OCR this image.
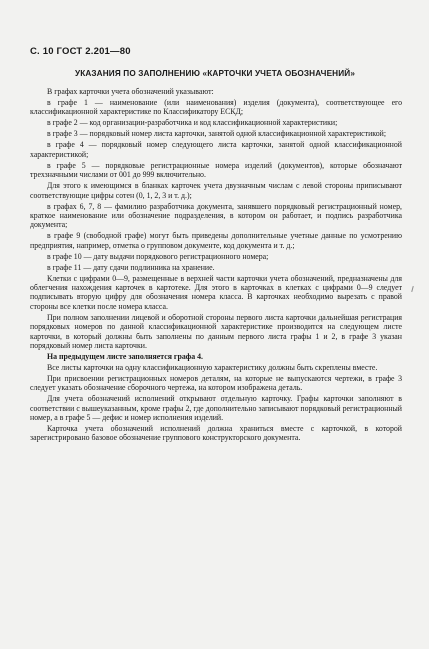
С. 10 ГОСТ 2.201—80
УКАЗАНИЯ ПО ЗАПОЛНЕНИЮ «КАРТОЧКИ УЧЕТА ОБОЗНАЧЕНИЙ»

В графах карточки учета обозначений указывают:

в графе 1 — наименование (или наименования) изделия (документа), соответствующее его классификационной характеристике по Классификатору ЕСКД;

в графе 2 — код организации-разработчика и код классификационной характеристики;

в графе 3 — порядковый номер листа карточки, занятой одной классификационной характеристикой;

в графе 4 — порядковый номер следующего листа карточки, занятой одной классификационной характеристикой;

в графе 5 — порядковые регистрационные номера изделий (документов), которые обозначают трехзначными числами от 001 до 999 включительно.

Для этого к имеющимся в бланках карточек учета двузначным числам с левой стороны приписывают соответствующие цифры сотен (0, 1, 2, 3 и т. д.);

в графах 6, 7, 8 — фамилию разработчика документа, занявшего порядковый регистрационный номер, краткое наименование или обозначение подразделения, в котором он работает, и подпись разработчика документа;

в графе 9 (свободной графе) могут быть приведены дополнительные учетные данные по усмотрению предприятия, например, отметка о групповом документе, код документа и т. д.;

в графе 10 — дату выдачи порядкового регистрационного номера;

в графе 11 — дату сдачи подлинника на хранение.

Клетки с цифрами 0—9, размещенные в верхней части карточки учета обозначений, предназначены для облегчения нахождения карточек в картотеке. Для этого в карточках в клетках с цифрами 0—9 следует подписывать вторую цифру для обозначения номера класса. В карточках необходимо вырезать с правой стороны все клетки после номера класса.

При полном заполнении лицевой и оборотной стороны первого листа карточки дальнейшая регистрация порядковых номеров по данной классификационной характеристике производится на следующем листе карточки, в который должны быть заполнены по данным первого листа графы 1 и 2, в графе 3 указан порядковый номер листа карточки.

На предыдущем листе заполняется графа 4.

Все листы карточки на одну классификационную характеристику должны быть скреплены вместе.

При присвоении регистрационных номеров деталям, на которые не выпускаются чертежи, в графе 3 следует указать обозначение сборочного чертежа, на котором изображена деталь.

Для учета обозначений исполнений открывают отдельную карточку. Графы карточки заполняют в соответствии с вышеуказанным, кроме графы 2, где дополнительно записывают порядковый регистрационный номер, а в графе 5 — дефис и номер исполнения изделий.

Карточка учета обозначений исполнений должна храниться вместе с карточкой, в которой зарегистрировано базовое обозначение группового конструкторского документа.
